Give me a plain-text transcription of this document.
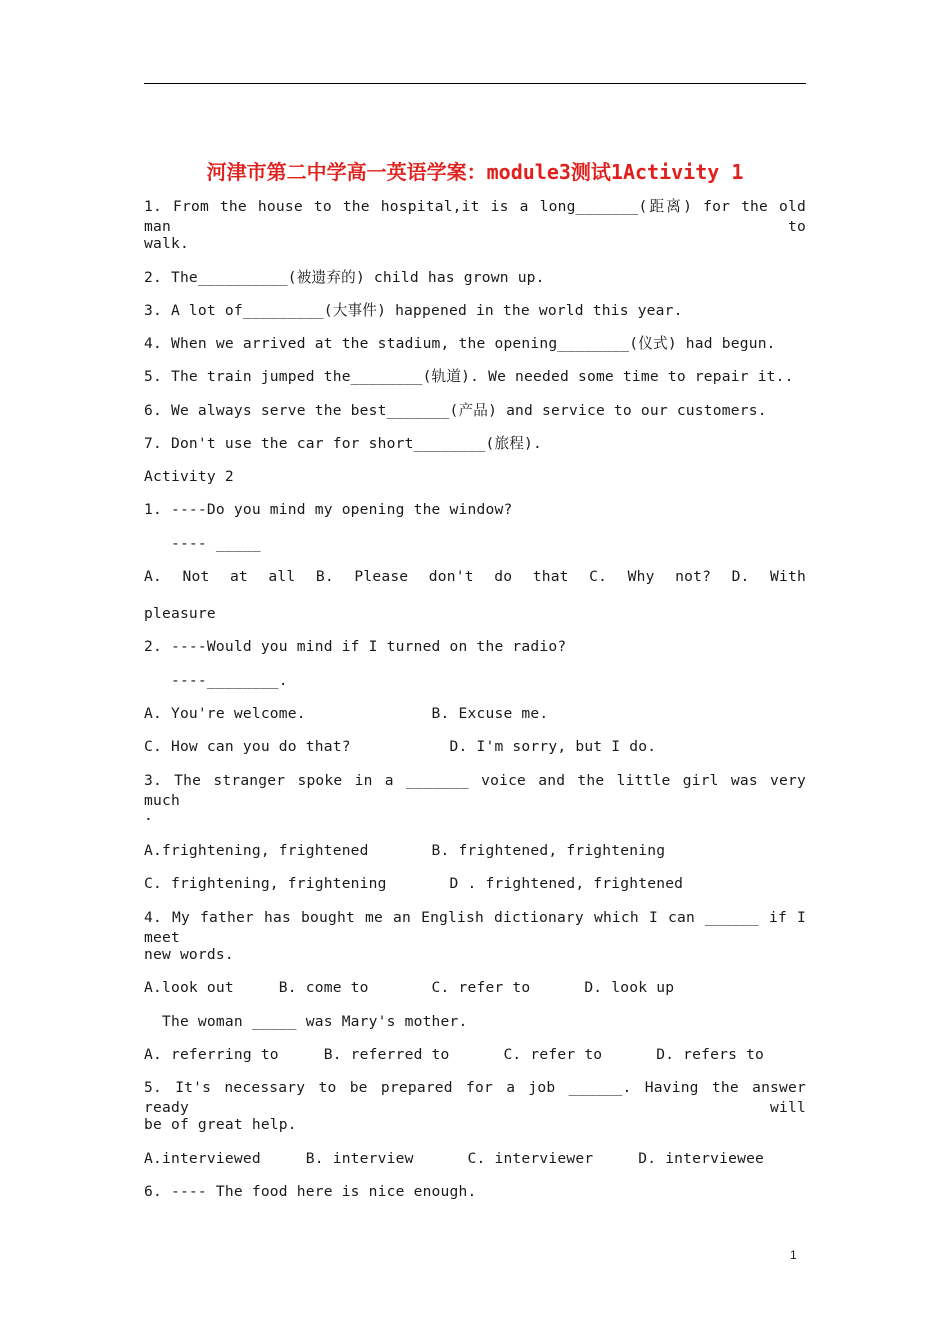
河津市第二中学高一英语学案：module3测试1Activity 1
1. From the house to the hospital,it is a long_______(距离) for the old man to
walk.
2. The__________(被遗弃的) child has grown up.
3. A lot of_________(大事件) happened in the world this year.
4. When we arrived at the stadium, the opening________(仪式) had begun.
5. The train jumped the________(轨道). We needed some time to repair it..
6. We always serve the best_______(产品) and service to our customers.
7. Don't use the car for short________(旅程).
Activity 2
1. ----Do you mind my opening the window?
---- _____
A. Not at all B. Please don't do that C. Why not? D. With
pleasure
2. ----Would you mind if I turned on the radio?
----________.
A. You're welcome.              B. Excuse me.
C. How can you do that?           D. I'm sorry, but I do.
3. The stranger spoke in a _______ voice and the little girl was very much
.
A.frightening, frightened       B. frightened, frightening
C. frightening, frightening       D . frightened, frightened
4. My father has bought me an English dictionary which I can ______ if I meet
new words.
A.look out     B. come to       C. refer to      D. look up
The woman _____ was Mary's mother.
A. referring to     B. referred to      C. refer to      D. refers to
5. It's necessary to be prepared for a job ______. Having the answer ready will
be of great help.
A.interviewed     B. interview      C. interviewer     D. interviewee
6. ---- The food here is nice enough.
1
